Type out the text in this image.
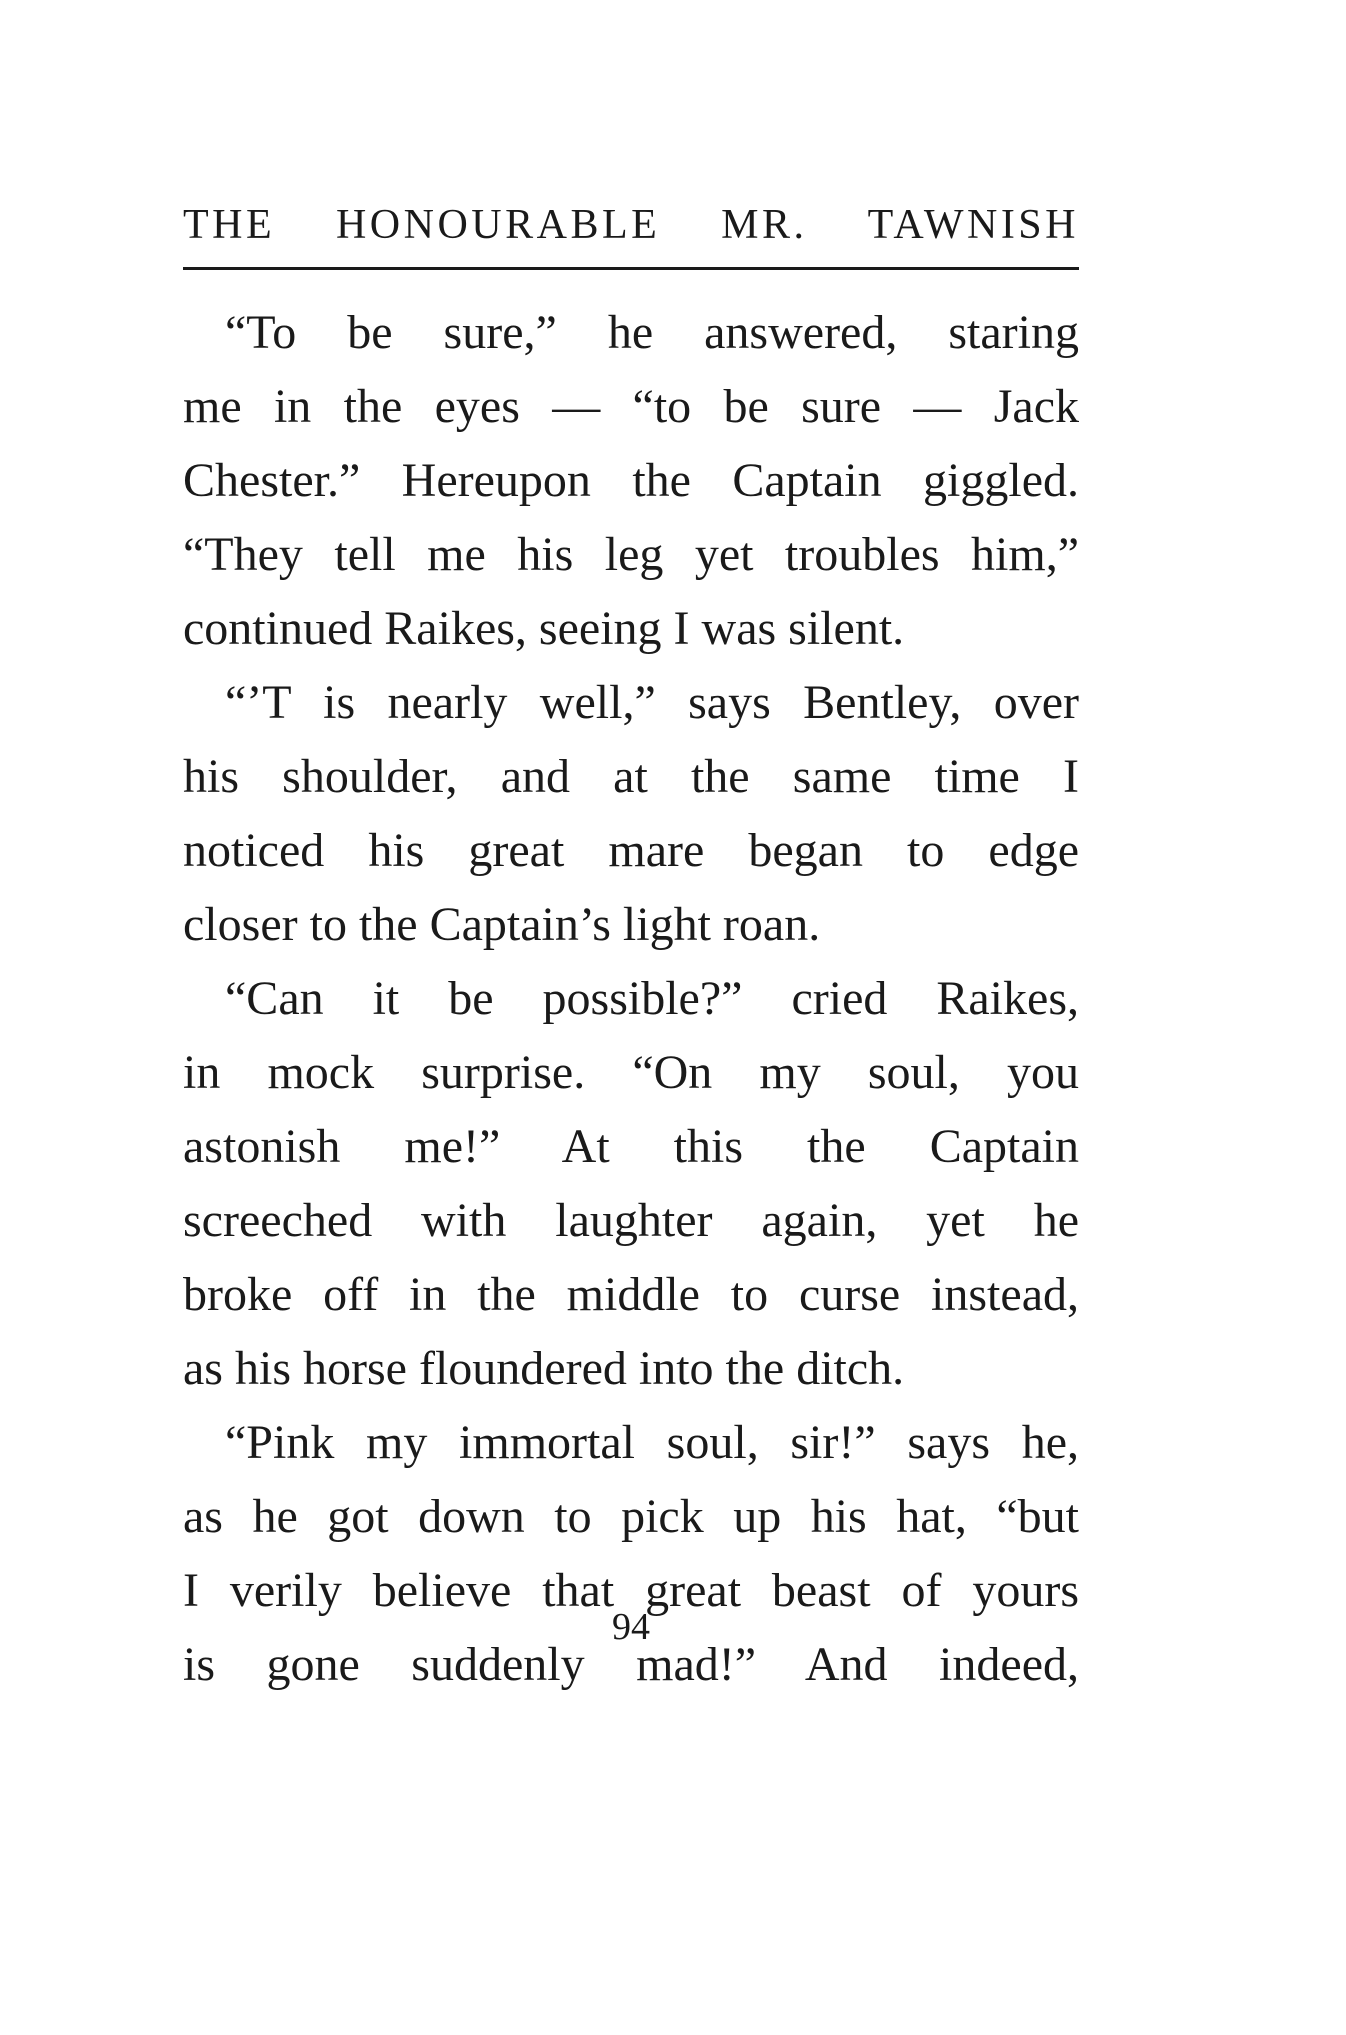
THE HONOURABLE MR. TAWNISH
“To be sure,” he answered, staring
me in the eyes — “to be sure — Jack
Chester.” Hereupon the Captain giggled.
“They tell me his leg yet troubles him,”
continued Raikes, seeing I was silent.
“’T is nearly well,” says Bentley, over
his shoulder, and at the same time I
noticed his great mare began to edge
closer to the Captain’s light roan.
“Can it be possible?” cried Raikes,
in mock surprise. “On my soul, you
astonish me!” At this the Captain
screeched with laughter again, yet he
broke off in the middle to curse instead,
as his horse floundered into the ditch.
“Pink my immortal soul, sir!” says he,
as he got down to pick up his hat, “but
I verily believe that great beast of yours
is gone suddenly mad!” And indeed,
94
